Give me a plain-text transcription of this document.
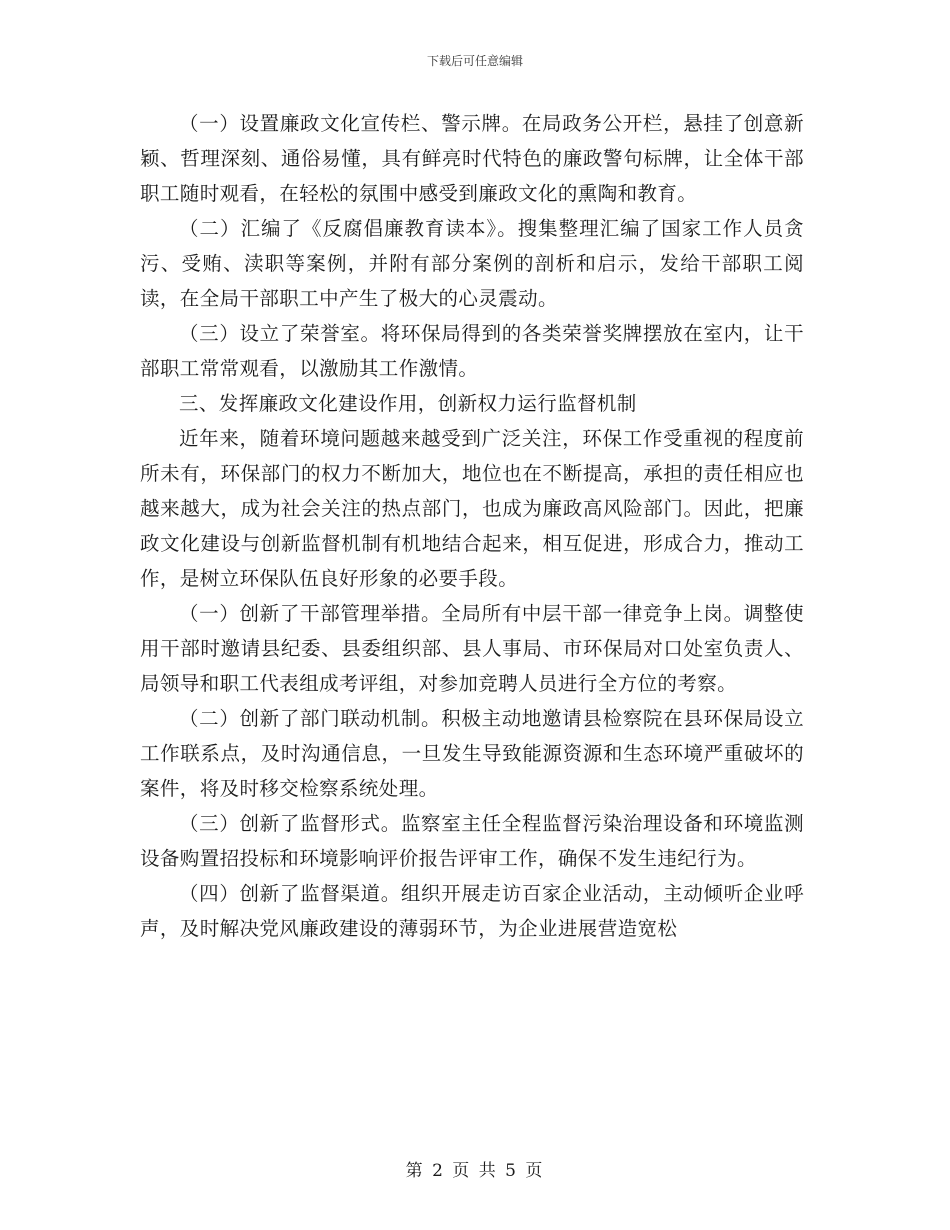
下载后可任意编辑

（一）设置廉政文化宣传栏、警示牌。在局政务公开栏，悬挂了创意新颖、哲理深刻、通俗易懂，具有鲜亮时代特色的廉政警句标牌，让全体干部职工随时观看，在轻松的氛围中感受到廉政文化的熏陶和教育。

（二）汇编了《反腐倡廉教育读本》。搜集整理汇编了国家工作人员贪污、受贿、渎职等案例，并附有部分案例的剖析和启示，发给干部职工阅读，在全局干部职工中产生了极大的心灵震动。

（三）设立了荣誉室。将环保局得到的各类荣誉奖牌摆放在室内，让干部职工常常观看，以激励其工作激情。

三、发挥廉政文化建设作用，创新权力运行监督机制

近年来，随着环境问题越来越受到广泛关注，环保工作受重视的程度前所未有，环保部门的权力不断加大，地位也在不断提高，承担的责任相应也越来越大，成为社会关注的热点部门，也成为廉政高风险部门。因此，把廉政文化建设与创新监督机制有机地结合起来，相互促进，形成合力，推动工作，是树立环保队伍良好形象的必要手段。

（一）创新了干部管理举措。全局所有中层干部一律竞争上岗。调整使用干部时邀请县纪委、县委组织部、县人事局、市环保局对口处室负责人、局领导和职工代表组成考评组，对参加竞聘人员进行全方位的考察。

（二）创新了部门联动机制。积极主动地邀请县检察院在县环保局设立工作联系点，及时沟通信息，一旦发生导致能源资源和生态环境严重破坏的案件，将及时移交检察系统处理。

（三）创新了监督形式。监察室主任全程监督污染治理设备和环境监测设备购置招投标和环境影响评价报告评审工作，确保不发生违纪行为。

（四）创新了监督渠道。组织开展走访百家企业活动，主动倾听企业呼声，及时解决党风廉政建设的薄弱环节，为企业进展营造宽松

第 2 页 共 5 页
